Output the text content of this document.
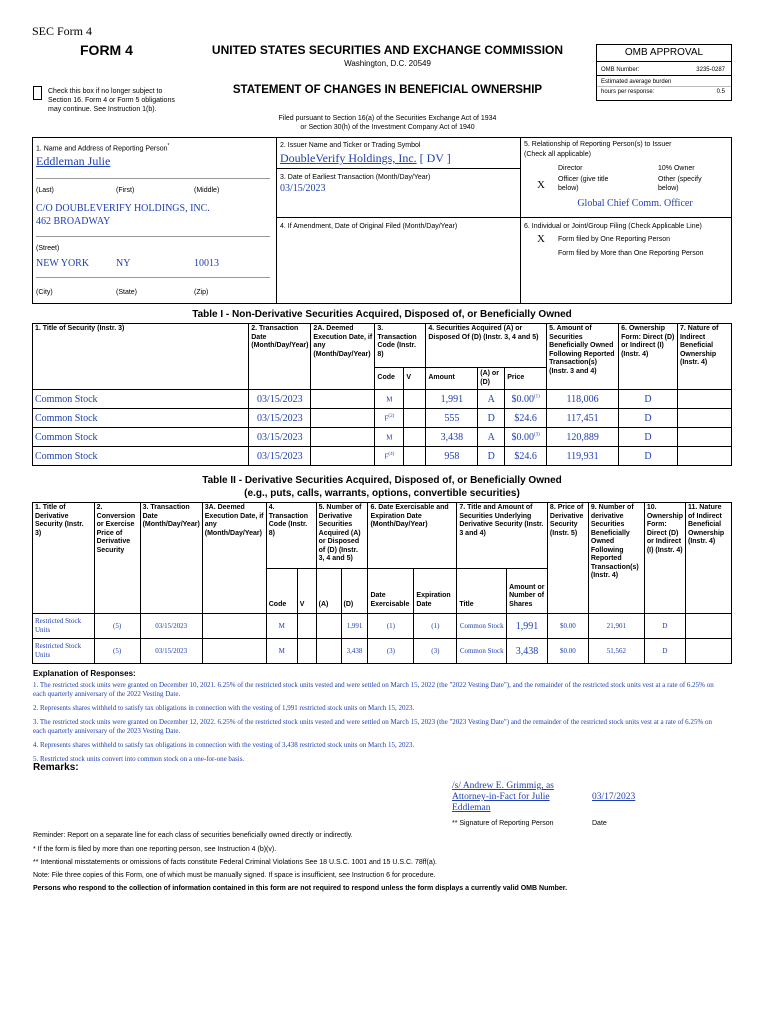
SEC Form 4
FORM 4	UNITED STATES SECURITIES AND EXCHANGE COMMISSION
Washington, D.C. 20549
STATEMENT OF CHANGES IN BENEFICIAL OWNERSHIP
Check this box if no longer subject to Section 16. Form 4 or Form 5 obligations may continue. See Instruction 1(b).
Filed pursuant to Section 16(a) of the Securities Exchange Act of 1934
or Section 30(h) of the Investment Company Act of 1940
OMB APPROVAL
OMB Number:	3235-0287
Estimated average burden
hours per response:	0.5
1. Name and Address of Reporting Person*
Eddleman Julie
(Last)	(First)	(Middle)
C/O DOUBLEVERIFY HOLDINGS, INC.
462 BROADWAY
(Street)
NEW YORK	NY	10013
(City)	(State)	(Zip)
2. Issuer Name and Ticker or Trading Symbol
DoubleVerify Holdings, Inc. [ DV ]
3. Date of Earliest Transaction (Month/Day/Year)
03/15/2023
4. If Amendment, Date of Original Filed (Month/Day/Year)
5. Relationship of Reporting Person(s) to Issuer
(Check all applicable)
Director	10% Owner
X Officer (give title below)
Other (specify below)
Global Chief Comm. Officer
6. Individual or Joint/Group Filing (Check Applicable Line)
X Form filed by One Reporting Person
Form filed by More than One Reporting Person
Table I - Non-Derivative Securities Acquired, Disposed of, or Beneficially Owned
1. Title of Security (Instr. 3)	2. Transaction Date (Month/Day/Year)	2A. Deemed Execution Date, if any (Month/Day/Year)	3. Transaction Code (Instr. 8)		4. Securities Acquired (A) or Disposed Of (D) (Instr. 3, 4 and 5)			5. Amount of Securities Beneficially Owned Following Reported Transaction(s) (Instr. 3 and 4)	6. Ownership Form: Direct (D) or Indirect (I) (Instr. 4)	7. Nature of Indirect Beneficial Ownership (Instr. 4)
			Code	V	Amount	(A) or (D)	Price			
Common Stock	03/15/2023		M		1,991	A	$0.00$^{(1)}$	118,006	D	
Common Stock	03/15/2023		$F^{(2)}$		555	D	$24.6	117,451	D	
Common Stock	03/15/2023		M		3,438	A	$0.00$^{(3)}$	120,889	D	
Common Stock	03/15/2023		$F^{(4)}$		958	D	$24.6	119,931	D	
Table II - Derivative Securities Acquired, Disposed of, or Beneficially Owned
(e.g., puts, calls, warrants, options, convertible securities)
1. Title of Derivative Security (Instr. 3)	2. Conversion or Exercise Price of Derivative Security	3. Transaction Date (Month/Day/Year)	3A. Deemed Execution Date, if any (Month/Day/Year)	4. Transaction Code (Instr. 8)		5. Number of Derivative Securities Acquired (A) or Disposed of (D) (Instr. 3, 4 and 5)		6. Date Exercisable and Expiration Date (Month/Day/Year)		7. Title and Amount of Securities Underlying Derivative Security (Instr. 3 and 4)		8. Price of Derivative Security (Instr. 5)	9. Number of derivative Securities Beneficially Owned Following Reported Transaction(s) (Instr. 4)	10. Ownership Form: Direct (D) or Indirect (I) (Instr. 4)	11. Nature of Indirect Beneficial Ownership (Instr. 4)
				Code	V	(A)	(D)	Date Exercisable	Expiration Date	Title	Amount or Number of Shares				
Restricted Stock Units	(5)	03/15/2023		M			1,991	(1)	(1)	Common Stock	1,991	$0.00	21,901	D	
Restricted Stock Units	(5)	03/15/2023		M			3,438	(3)	(3)	Common Stock	3,438	$0.00	51,562	D	
Explanation of Responses:
1. The restricted stock units were granted on December 10, 2021. 6.25% of the restricted stock units vested and were settled on March 15, 2022 (the "2022 Vesting Date"), and the remainder of the restricted stock units vest at a rate of 6.25% on each quarterly anniversary of the 2022 Vesting Date.
2. Represents shares withheld to satisfy tax obligations in connection with the vesting of 1,991 restricted stock units on March 15, 2023.
3. The restricted stock units were granted on December 12, 2022. 6.25% of the restricted stock units vested and were settled on March 15, 2023 (the "2023 Vesting Date") and the remainder of the restricted stock units vest at a rate of 6.25% on each quarterly anniversary of the 2023 Vesting Date.
4. Represents shares withheld to satisfy tax obligations in connection with the vesting of 3,438 restricted stock units on March 15, 2023.
5. Restricted stock units convert into common stock on a one-for-one basis.
Remarks:
/s/ Andrew E. Grimmig, as
Attorney-in-Fact for Julie
Eddleman
03/17/2023
** Signature of Reporting Person	Date
Reminder: Report on a separate line for each class of securities beneficially owned directly or indirectly.
* If the form is filed by more than one reporting person, see Instruction 4 (b)(v).
** Intentional misstatements or omissions of facts constitute Federal Criminal Violations See 18 U.S.C. 1001 and 15 U.S.C. 78ff(a).
Note: File three copies of this Form, one of which must be manually signed. If space is insufficient, see Instruction 6 for procedure.
Persons who respond to the collection of information contained in this form are not required to respond unless the form displays a currently valid OMB Number.
